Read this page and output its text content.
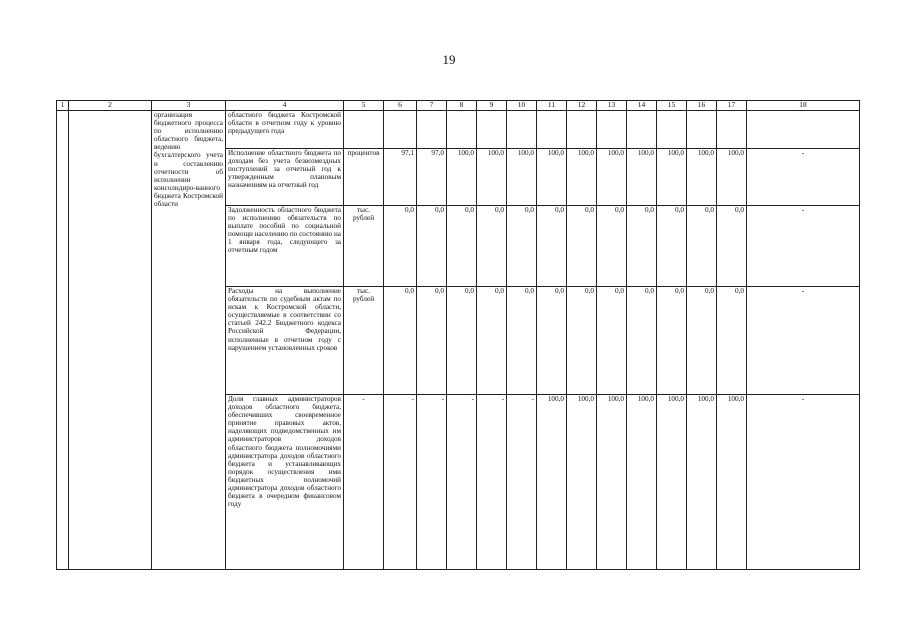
19
1	2	3	4	5	6	7	8	9	10	11	12	13	14	15	16	17	18
		организация бюджетного процесса по исполнению областного бюджета, ведению бухгалтерского учета и составлению отчетности об исполнении консолидиро-ванного бюджета Костромской области	областного бюджета Костромской области в отчетном году к уровню предыдущего года														
			Исполнение областного бюджета по доходам без учета безвозмездных поступлений за отчетный год к утвержденным плановым назначениям на отчетный год	процентов	97,1	97,0	100,0	100,0	100,0	100,0	100,0	100,0	100,0	100,0	100,0	100,0	-
			Задолженность областного бюджета по исполнению обязательств по выплате пособий по социальной помощи населению по состоянию на 1 января года, следующего за отчетным годом	тыс. рублей	0,0	0,0	0,0	0,0	0,0	0,0	0,0	0,0	0,0	0,0	0,0	0,0	-
			Расходы на выполнение обязательств по судебным актам по искам к Костромской области, осуществляемые в соответствии со статьей 242.2 Бюджетного кодекса Российской Федерации, исполненные в отчетном году с нарушением установленных сроков	тыс. рублей	0,0	0,0	0,0	0,0	0,0	0,0	0,0	0,0	0,0	0,0	0,0	0,0	-
			Доля главных администраторов доходов областного бюджета, обеспечивших своевременное принятие правовых актов, наделяющих подведомственных им администраторов доходов областного бюджета полномочиями администратора доходов областного бюджета и устанавливающих порядок осуществления ими бюджетных полномочий администратора доходов областного бюджета в очередном финансовом году	-	-	-	-	-	-	100,0	100,0	100,0	100,0	100,0	100,0	100,0	-
